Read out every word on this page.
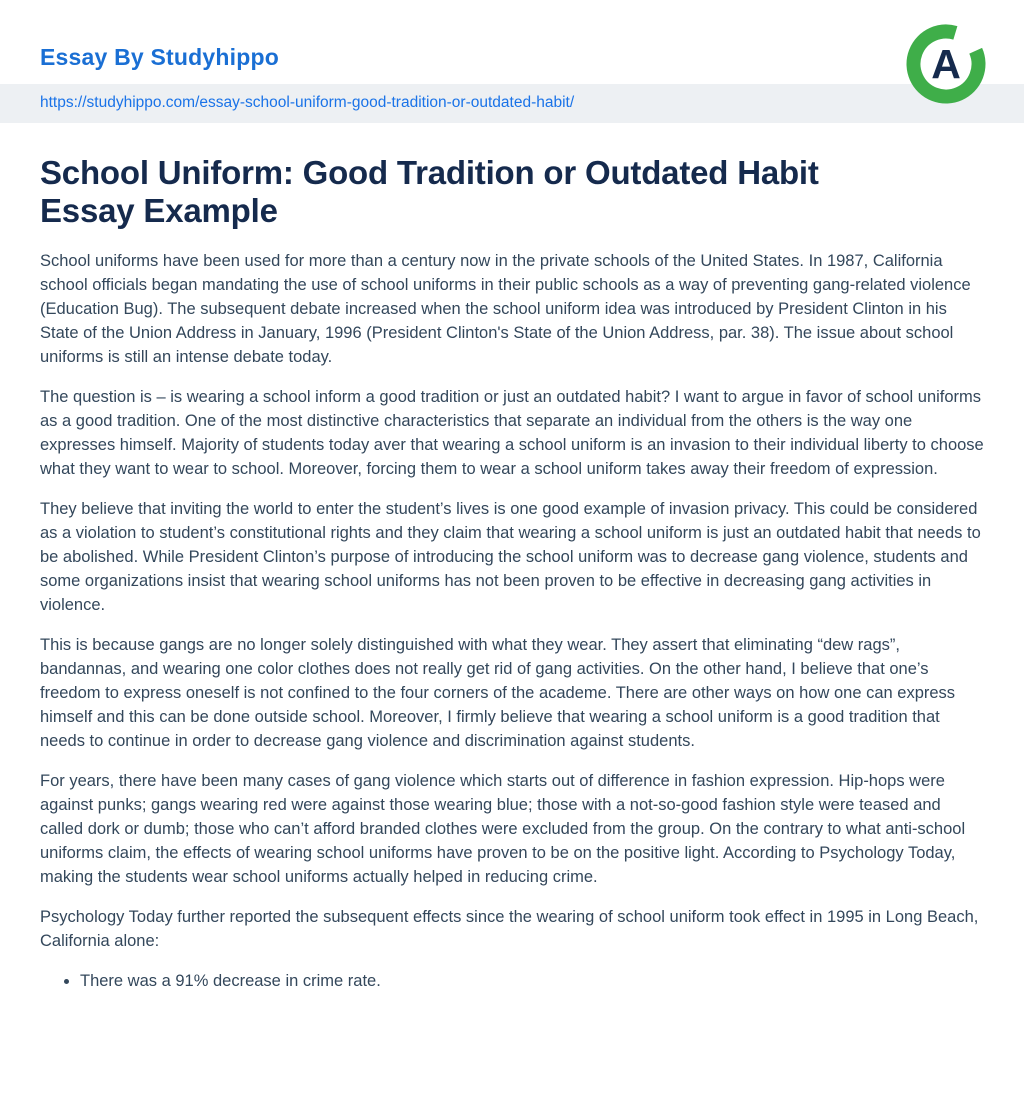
Essay By Studyhippo
https://studyhippo.com/essay-school-uniform-good-tradition-or-outdated-habit/
A
School Uniform: Good Tradition or Outdated Habit Essay Example

School uniforms have been used for more than a century now in the private schools of the United States. In 1987, California school officials began mandating the use of school uniforms in their public schools as a way of preventing gang-related violence (Education Bug). The subsequent debate increased when the school uniform idea was introduced by President Clinton in his State of the Union Address in January, 1996 (President Clinton's State of the Union Address, par. 38). The issue about school uniforms is still an intense debate today.

The question is – is wearing a school inform a good tradition or just an outdated habit? I want to argue in favor of school uniforms as a good tradition. One of the most distinctive characteristics that separate an individual from the others is the way one expresses himself. Majority of students today aver that wearing a school uniform is an invasion to their individual liberty to choose what they want to wear to school. Moreover, forcing them to wear a school uniform takes away their freedom of expression.

They believe that inviting the world to enter the student’s lives is one good example of invasion privacy. This could be considered as a violation to student’s constitutional rights and they claim that wearing a school uniform is just an outdated habit that needs to be abolished. While President Clinton’s purpose of introducing the school uniform was to decrease gang violence, students and some organizations insist that wearing school uniforms has not been proven to be effective in decreasing gang activities in violence.

This is because gangs are no longer solely distinguished with what they wear. They assert that eliminating “dew rags”, bandannas, and wearing one color clothes does not really get rid of gang activities. On the other hand, I believe that one’s freedom to express oneself is not confined to the four corners of the academe. There are other ways on how one can express himself and this can be done outside school. Moreover, I firmly believe that wearing a school uniform is a good tradition that needs to continue in order to decrease gang violence and discrimination against students.

For years, there have been many cases of gang violence which starts out of difference in fashion expression. Hip-hops were against punks; gangs wearing red were against those wearing blue; those with a not-so-good fashion style were teased and called dork or dumb; those who can’t afford branded clothes were excluded from the group. On the contrary to what anti-school uniforms claim, the effects of wearing school uniforms have proven to be on the positive light. According to Psychology Today, making the students wear school uniforms actually helped in reducing crime.

Psychology Today further reported the subsequent effects since the wearing of school uniform took effect in 1995 in Long Beach, California alone:

• There was a 91% decrease in crime rate.
